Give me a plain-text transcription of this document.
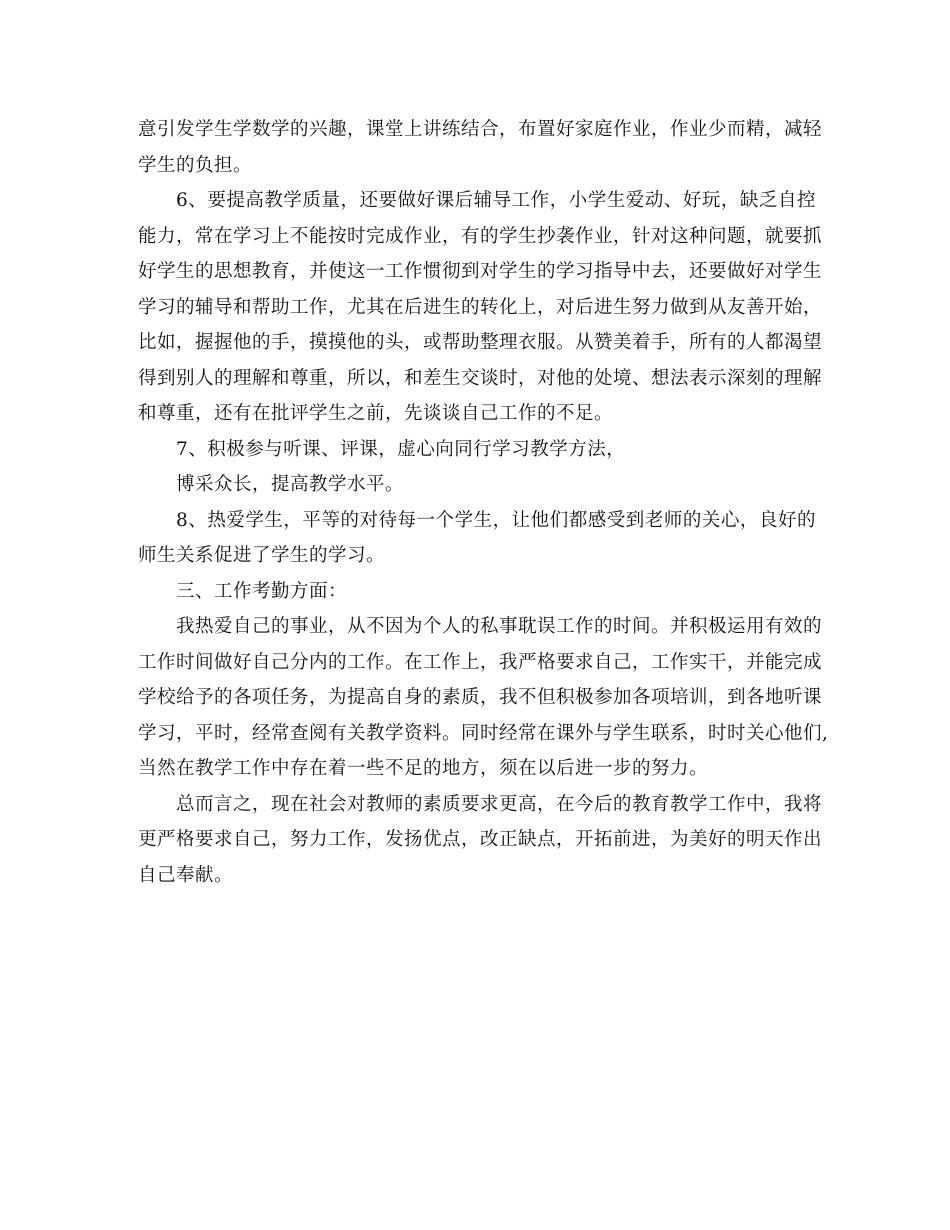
意引发学生学数学的兴趣，课堂上讲练结合，布置好家庭作业，作业少而精，减轻
学生的负担。
6、要提高教学质量，还要做好课后辅导工作，小学生爱动、好玩，缺乏自控
能力，常在学习上不能按时完成作业，有的学生抄袭作业，针对这种问题，就要抓
好学生的思想教育，并使这一工作惯彻到对学生的学习指导中去，还要做好对学生
学习的辅导和帮助工作，尤其在后进生的转化上，对后进生努力做到从友善开始，
比如，握握他的手，摸摸他的头，或帮助整理衣服。从赞美着手，所有的人都渴望
得到别人的理解和尊重，所以，和差生交谈时，对他的处境、想法表示深刻的理解
和尊重，还有在批评学生之前，先谈谈自己工作的不足。
7、积极参与听课、评课，虚心向同行学习教学方法，
博采众长，提高教学水平。
8、热爱学生，平等的对待每一个学生，让他们都感受到老师的关心，良好的
师生关系促进了学生的学习。
三、工作考勤方面：
我热爱自己的事业，从不因为个人的私事耽误工作的时间。并积极运用有效的
工作时间做好自己分内的工作。在工作上，我严格要求自己，工作实干，并能完成
学校给予的各项任务，为提高自身的素质，我不但积极参加各项培训，到各地听课
学习，平时，经常查阅有关教学资料。同时经常在课外与学生联系，时时关心他们,
当然在教学工作中存在着一些不足的地方，须在以后进一步的努力。
总而言之，现在社会对教师的素质要求更高，在今后的教育教学工作中，我将
更严格要求自己，努力工作，发扬优点，改正缺点，开拓前进，为美好的明天作出
自己奉献。
